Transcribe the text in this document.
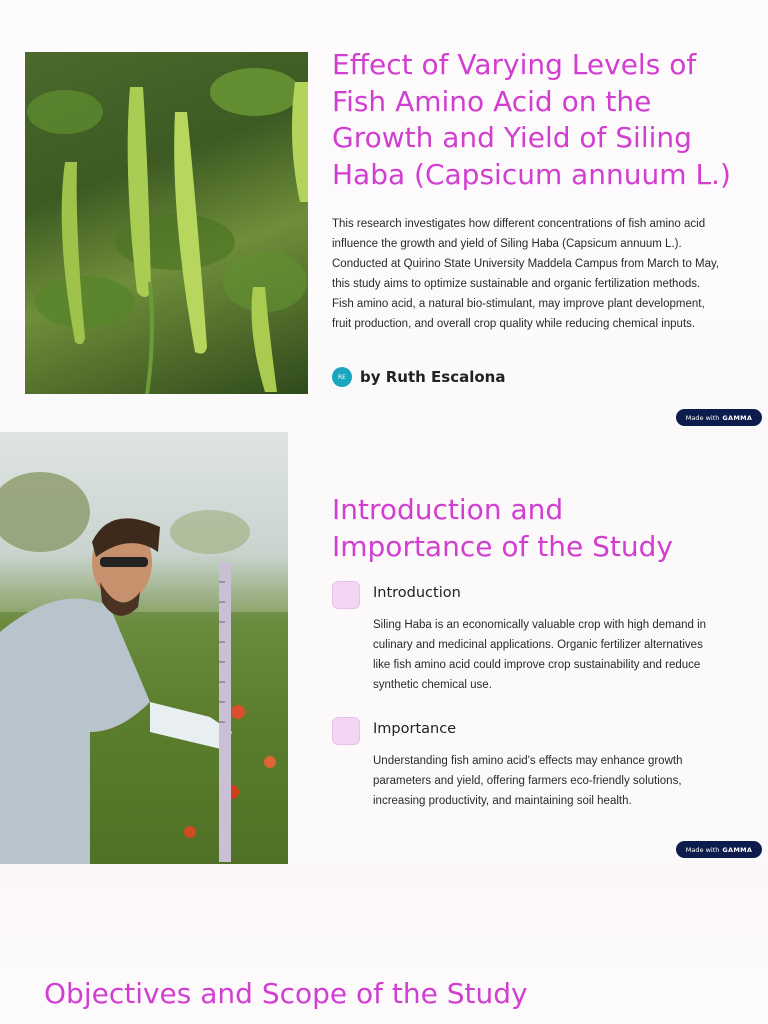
Effect of Varying Levels of Fish Amino Acid on the Growth and Yield of Siling Haba (Capsicum annuum L.)

This research investigates how different concentrations of fish amino acid influence the growth and yield of Siling Haba (Capsicum annuum L.). Conducted at Quirino State University Maddela Campus from March to May, this study aims to optimize sustainable and organic fertilization methods. Fish amino acid, a natural bio-stimulant, may improve plant development, fruit production, and overall crop quality while reducing chemical inputs.

RE by Ruth Escalona
Made with GAMMA
Introduction and Importance of the Study
Introduction

Siling Haba is an economically valuable crop with high demand in culinary and medicinal applications. Organic fertilizer alternatives like fish amino acid could improve crop sustainability and reduce synthetic chemical use.

Importance

Understanding fish amino acid's effects may enhance growth parameters and yield, offering farmers eco-friendly solutions, increasing productivity, and maintaining soil health.

Made with GAMMA
Objectives and Scope of the Study
